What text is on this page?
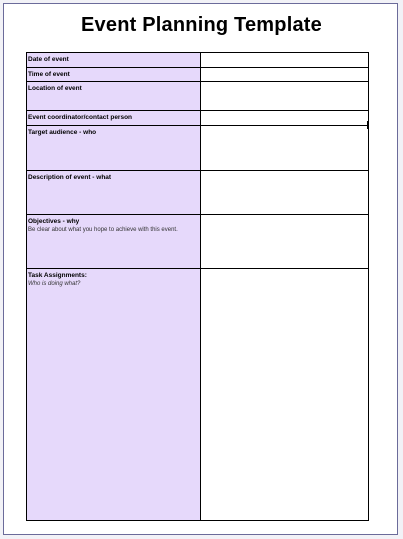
Event Planning Template
Date of event	

Time of event	

Location of event	

Event coordinator/contact person	

Target audience - who	

Description of event - what	

Objectives - why
Be clear about what you hope to achieve with this event.	

Task Assignments:
Who is doing what?	
